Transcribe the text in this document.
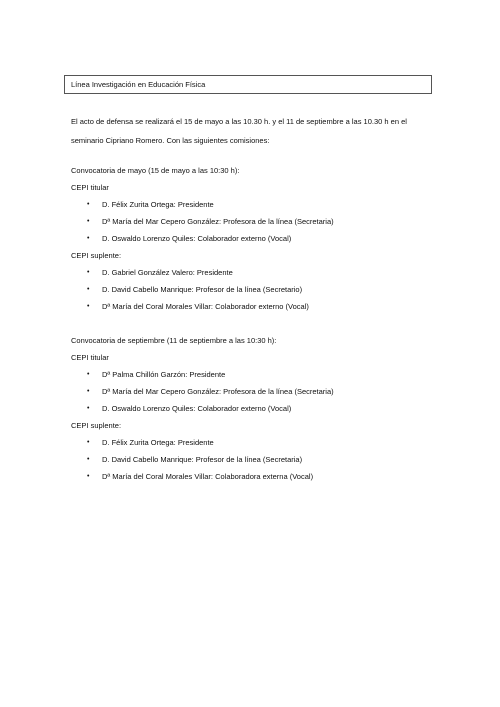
Línea Investigación en Educación Física
El acto de defensa se realizará el 15 de mayo a las 10.30 h. y el 11 de septiembre a las 10.30 h en el seminario Cipriano Romero. Con las siguientes comisiones:
Convocatoria de mayo (15 de mayo a las 10:30 h):
CEPI titular
• D. Félix Zurita Ortega: Presidente
• Dª María del Mar Cepero González: Profesora de la línea (Secretaria)
• D. Oswaldo Lorenzo Quiles: Colaborador externo (Vocal)
CEPI suplente:
• D. Gabriel González Valero: Presidente
• D. David Cabello Manrique: Profesor de la línea (Secretario)
• Dª María del Coral Morales Villar: Colaborador externo (Vocal)
Convocatoria de septiembre (11 de septiembre a las 10:30 h):
CEPI titular
• Dª Palma Chillón Garzón: Presidente
• Dª María del Mar Cepero González: Profesora de la línea (Secretaria)
• D. Oswaldo Lorenzo Quiles: Colaborador externo (Vocal)
CEPI suplente:
• D. Félix Zurita Ortega: Presidente
• D. David Cabello Manrique: Profesor de la línea (Secretaria)
• Dª María del Coral Morales Villar: Colaboradora externa (Vocal)
